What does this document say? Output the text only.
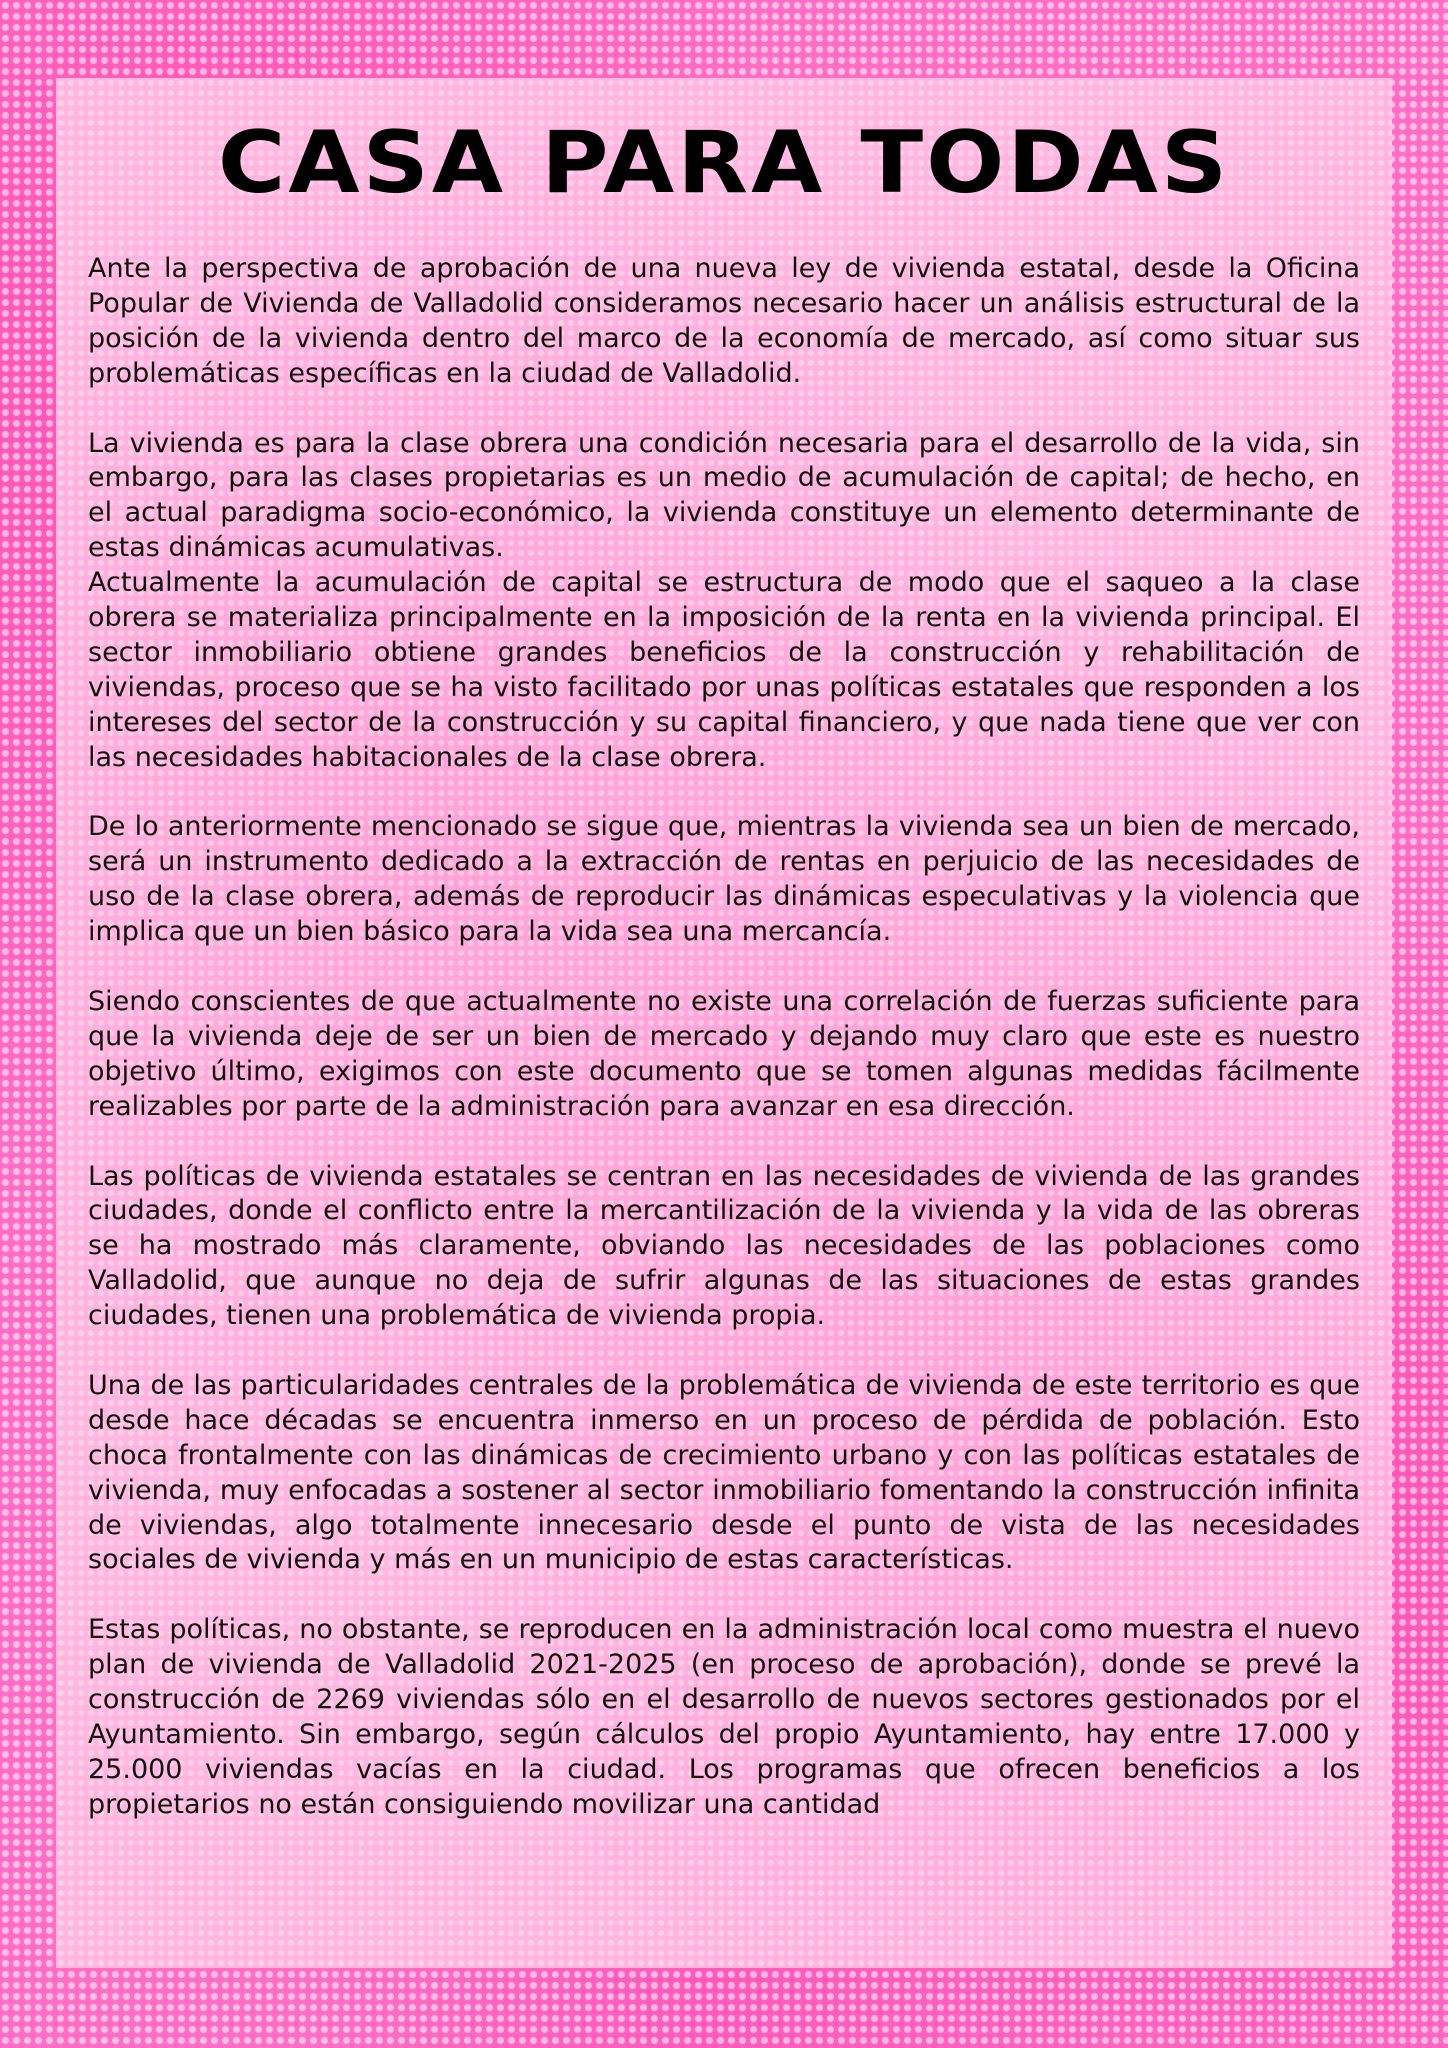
CASA PARA TODAS

Ante la perspectiva de aprobación de una nueva ley de vivienda estatal, desde la Oficina Popular de Vivienda de Valladolid consideramos necesario hacer un análisis estructural de la posición de la vivienda dentro del marco de la economía de mercado, así como situar sus problemáticas específicas en la ciudad de Valladolid.

La vivienda es para la clase obrera una condición necesaria para el desarrollo de la vida, sin embargo, para las clases propietarias es un medio de acumulación de capital; de hecho, en el actual paradigma socio-económico, la vivienda constituye un elemento determinante de estas dinámicas acumulativas.

Actualmente la acumulación de capital se estructura de modo que el saqueo a la clase obrera se materializa principalmente en la imposición de la renta en la vivienda principal. El sector inmobiliario obtiene grandes beneficios de la construcción y rehabilitación de viviendas, proceso que se ha visto facilitado por unas políticas estatales que responden a los intereses del sector de la construcción y su capital financiero, y que nada tiene que ver con las necesidades habitacionales de la clase obrera.

De lo anteriormente mencionado se sigue que, mientras la vivienda sea un bien de mercado, será un instrumento dedicado a la extracción de rentas en perjuicio de las necesidades de uso de la clase obrera, además de reproducir las dinámicas especulativas y la violencia que implica que un bien básico para la vida sea una mercancía.

Siendo conscientes de que actualmente no existe una correlación de fuerzas suficiente para que la vivienda deje de ser un bien de mercado y dejando muy claro que este es nuestro objetivo último, exigimos con este documento que se tomen algunas medidas fácilmente realizables por parte de la administración para avanzar en esa dirección.

Las políticas de vivienda estatales se centran en las necesidades de vivienda de las grandes ciudades, donde el conflicto entre la mercantilización de la vivienda y la vida de las obreras se ha mostrado más claramente, obviando las necesidades de las poblaciones como Valladolid, que aunque no deja de sufrir algunas de las situaciones de estas grandes ciudades, tienen una problemática de vivienda propia.

Una de las particularidades centrales de la problemática de vivienda de este territorio es que desde hace décadas se encuentra inmerso en un proceso de pérdida de población. Esto choca frontalmente con las dinámicas de crecimiento urbano y con las políticas estatales de vivienda, muy enfocadas a sostener al sector inmobiliario fomentando la construcción infinita de viviendas, algo totalmente innecesario desde el punto de vista de las necesidades sociales de vivienda y más en un municipio de estas características.

Estas políticas, no obstante, se reproducen en la administración local como muestra el nuevo plan de vivienda de Valladolid 2021-2025 (en proceso de aprobación), donde se prevé la construcción de 2269 viviendas sólo en el desarrollo de nuevos sectores gestionados por el Ayuntamiento. Sin embargo, según cálculos del propio Ayuntamiento, hay entre 17.000 y 25.000 viviendas vacías en la ciudad. Los programas que ofrecen beneficios a los propietarios no están consiguiendo movilizar una cantidad
